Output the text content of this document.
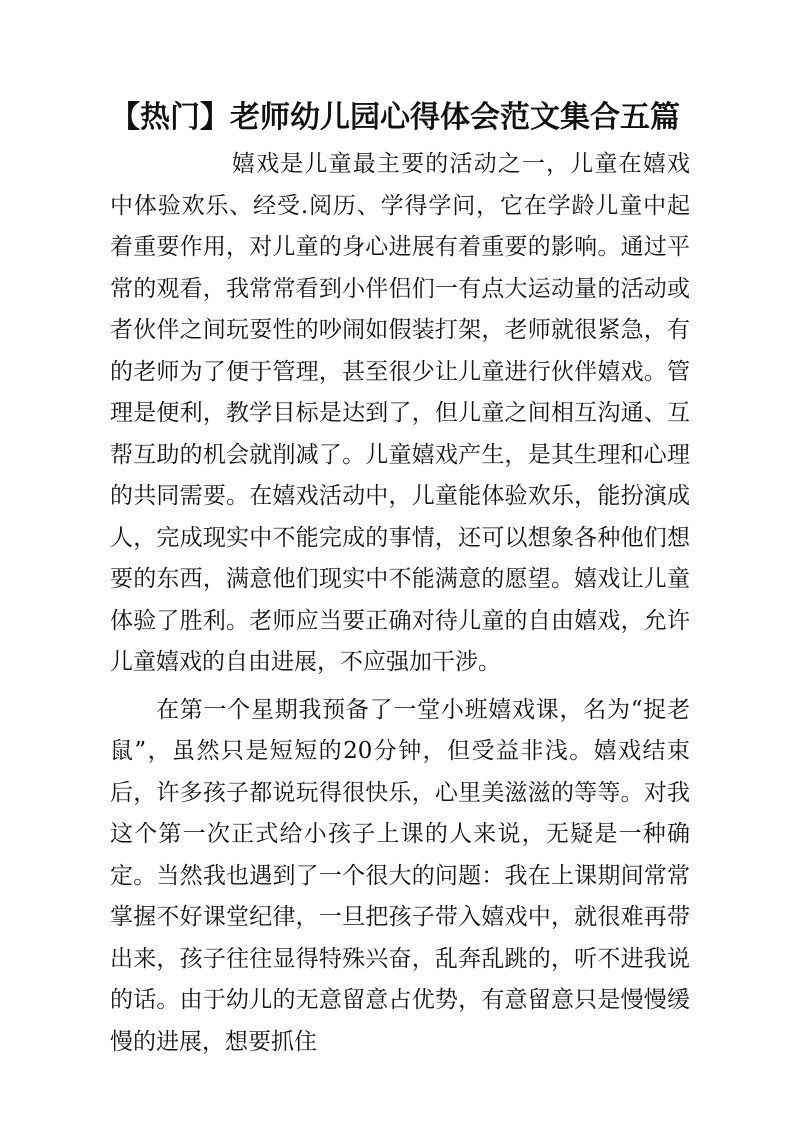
【热门】老师幼儿园心得体会范文集合五篇

嬉戏是儿童最主要的活动之一，儿童在嬉戏中体验欢乐、经受.阅历、学得学问，它在学龄儿童中起着重要作用，对儿童的身心进展有着重要的影响。通过平常的观看，我常常看到小伴侣们一有点大运动量的活动或者伙伴之间玩耍性的吵闹如假装打架，老师就很紧急，有的老师为了便于管理，甚至很少让儿童进行伙伴嬉戏。管理是便利，教学目标是达到了，但儿童之间相互沟通、互帮互助的机会就削减了。儿童嬉戏产生，是其生理和心理的共同需要。在嬉戏活动中，儿童能体验欢乐，能扮演成人，完成现实中不能完成的事情，还可以想象各种他们想要的东西，满意他们现实中不能满意的愿望。嬉戏让儿童体验了胜利。老师应当要正确对待儿童的自由嬉戏，允许儿童嬉戏的自由进展，不应强加干涉。

在第一个星期我预备了一堂小班嬉戏课，名为“捉老鼠”，虽然只是短短的20分钟，但受益非浅。嬉戏结束后，许多孩子都说玩得很快乐，心里美滋滋的等等。对我这个第一次正式给小孩子上课的人来说，无疑是一种确定。当然我也遇到了一个很大的问题：我在上课期间常常掌握不好课堂纪律，一旦把孩子带入嬉戏中，就很难再带出来，孩子往往显得特殊兴奋，乱奔乱跳的，听不进我说的话。由于幼儿的无意留意占优势，有意留意只是慢慢缓慢的进展，想要抓住
